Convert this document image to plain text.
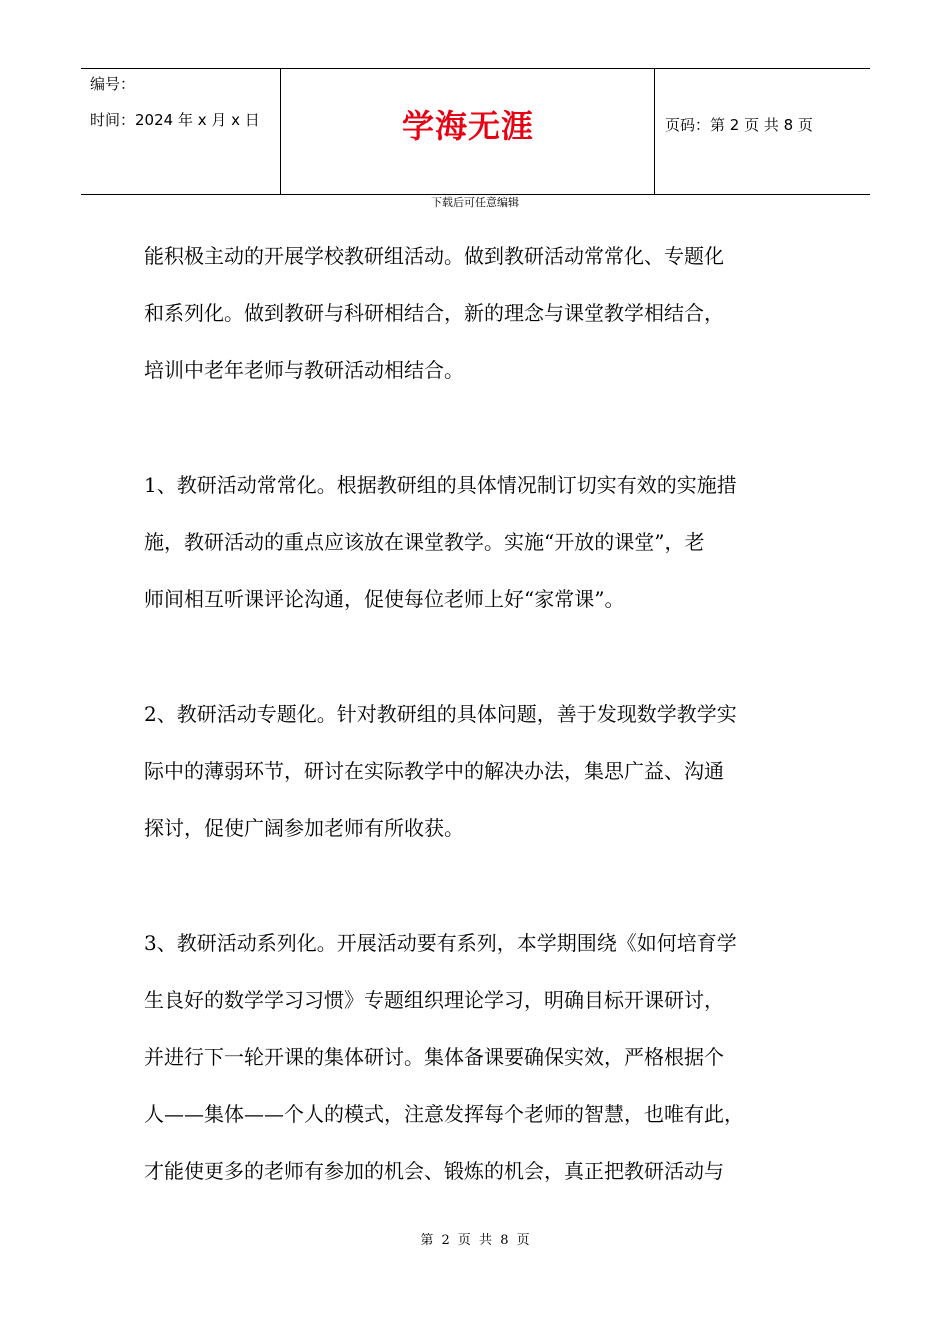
编号：
时间：2024 年 x 月 x 日	学海无涯	页码：第 2 页 共 8 页
下载后可任意编辑
能积极主动的开展学校教研组活动。做到教研活动常常化、专题化
和系列化。做到教研与科研相结合，新的理念与课堂教学相结合，
培训中老年老师与教研活动相结合。
1、教研活动常常化。根据教研组的具体情况制订切实有效的实施措
施，教研活动的重点应该放在课堂教学。实施“开放的课堂”，老
师间相互听课评论沟通，促使每位老师上好“家常课”。
2、教研活动专题化。针对教研组的具体问题，善于发现数学教学实
际中的薄弱环节，研讨在实际教学中的解决办法，集思广益、沟通
探讨，促使广阔参加老师有所收获。
3、教研活动系列化。开展活动要有系列，本学期围绕《如何培育学
生良好的数学学习习惯》专题组织理论学习，明确目标开课研讨，
并进行下一轮开课的集体研讨。集体备课要确保实效，严格根据个
人——集体——个人的模式，注意发挥每个老师的智慧，也唯有此，
才能使更多的老师有参加的机会、锻炼的机会，真正把教研活动与
第 2 页 共 8 页
